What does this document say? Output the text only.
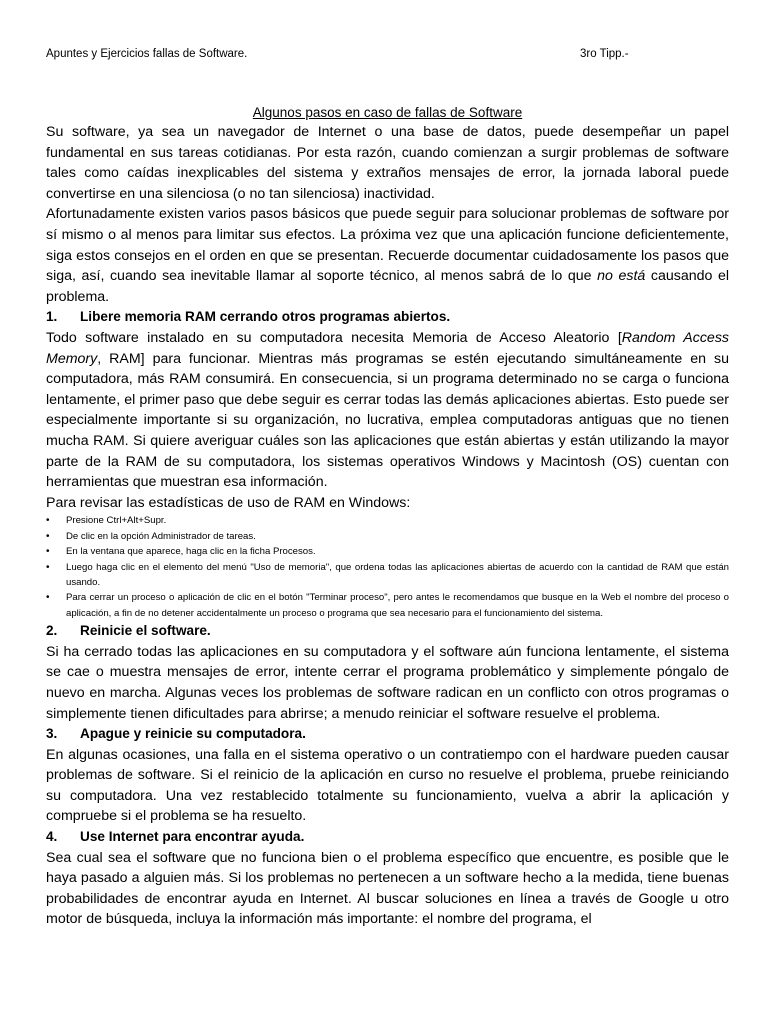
Apuntes y Ejercicios fallas de Software.	3ro Tipp.-
Algunos pasos en caso de fallas de Software

Su software, ya sea un navegador de Internet o una base de datos, puede desempeñar un papel fundamental en sus tareas cotidianas. Por esta razón, cuando comienzan a surgir problemas de software tales como caídas inexplicables del sistema y extraños mensajes de error, la jornada laboral puede convertirse en una silenciosa (o no tan silenciosa) inactividad.

Afortunadamente existen varios pasos básicos que puede seguir para solucionar problemas de software por sí mismo o al menos para limitar sus efectos. La próxima vez que una aplicación funcione deficientemente, siga estos consejos en el orden en que se presentan. Recuerde documentar cuidadosamente los pasos que siga, así, cuando sea inevitable llamar al soporte técnico, al menos sabrá de lo que no está causando el problema.

1. Libere memoria RAM cerrando otros programas abiertos.

Todo software instalado en su computadora necesita Memoria de Acceso Aleatorio [Random Access Memory, RAM] para funcionar. Mientras más programas se estén ejecutando simultáneamente en su computadora, más RAM consumirá. En consecuencia, si un programa determinado no se carga o funciona lentamente, el primer paso que debe seguir es cerrar todas las demás aplicaciones abiertas. Esto puede ser especialmente importante si su organización, no lucrativa, emplea computadoras antiguas que no tienen mucha RAM. Si quiere averiguar cuáles son las aplicaciones que están abiertas y están utilizando la mayor parte de la RAM de su computadora, los sistemas operativos Windows y Macintosh (OS) cuentan con herramientas que muestran esa información.

Para revisar las estadísticas de uso de RAM en Windows:

• Presione Ctrl+Alt+Supr.
• De clic en la opción Administrador de tareas.
• En la ventana que aparece, haga clic en la ficha Procesos.
• Luego haga clic en el elemento del menú "Uso de memoria", que ordena todas las aplicaciones abiertas de acuerdo con la cantidad de RAM que están usando.
• Para cerrar un proceso o aplicación de clic en el botón "Terminar proceso", pero antes le recomendamos que busque en la Web el nombre del proceso o aplicación, a fin de no detener accidentalmente un proceso o programa que sea necesario para el funcionamiento del sistema.
2. Reinicie el software.

Si ha cerrado todas las aplicaciones en su computadora y el software aún funciona lentamente, el sistema se cae o muestra mensajes de error, intente cerrar el programa problemático y simplemente póngalo de nuevo en marcha. Algunas veces los problemas de software radican en un conflicto con otros programas o simplemente tienen dificultades para abrirse; a menudo reiniciar el software resuelve el problema.

3. Apague y reinicie su computadora.

En algunas ocasiones, una falla en el sistema operativo o un contratiempo con el hardware pueden causar problemas de software. Si el reinicio de la aplicación en curso no resuelve el problema, pruebe reiniciando su computadora. Una vez restablecido totalmente su funcionamiento, vuelva a abrir la aplicación y compruebe si el problema se ha resuelto.

4. Use Internet para encontrar ayuda.

Sea cual sea el software que no funciona bien o el problema específico que encuentre, es posible que le haya pasado a alguien más. Si los problemas no pertenecen a un software hecho a la medida, tiene buenas probabilidades de encontrar ayuda en Internet. Al buscar soluciones en línea a través de Google u otro motor de búsqueda, incluya la información más importante: el nombre del programa, el
